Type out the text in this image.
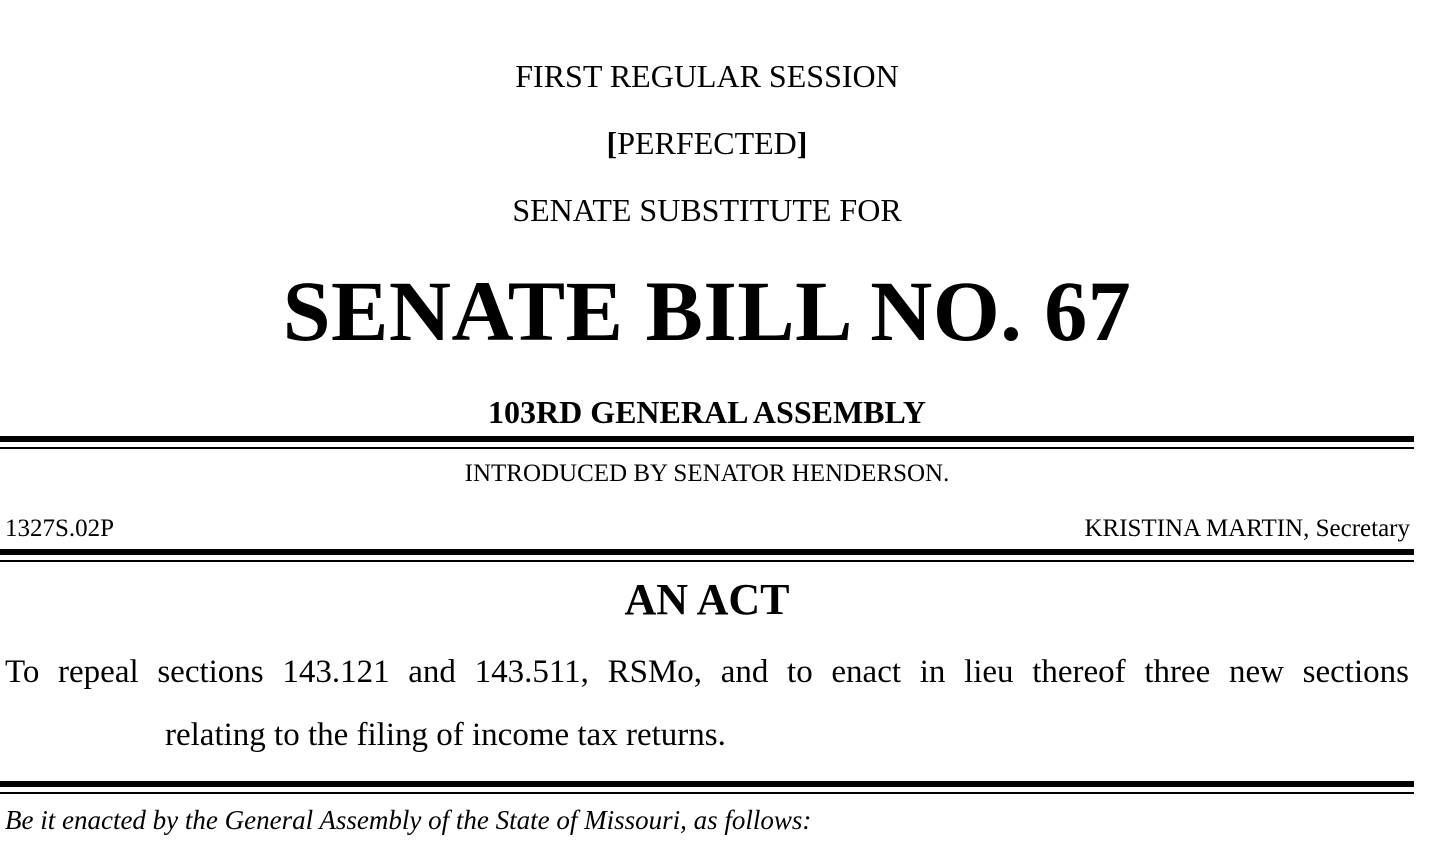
FIRST REGULAR SESSION
[PERFECTED]
SENATE SUBSTITUTE FOR
SENATE BILL NO. 67
103RD GENERAL ASSEMBLY
INTRODUCED BY SENATOR HENDERSON.
1327S.02P	KRISTINA MARTIN, Secretary
AN ACT
To repeal sections 143.121 and 143.511, RSMo, and to enact in lieu thereof three new sections
relating to the filing of income tax returns.
Be it enacted by the General Assembly of the State of Missouri, as follows:
